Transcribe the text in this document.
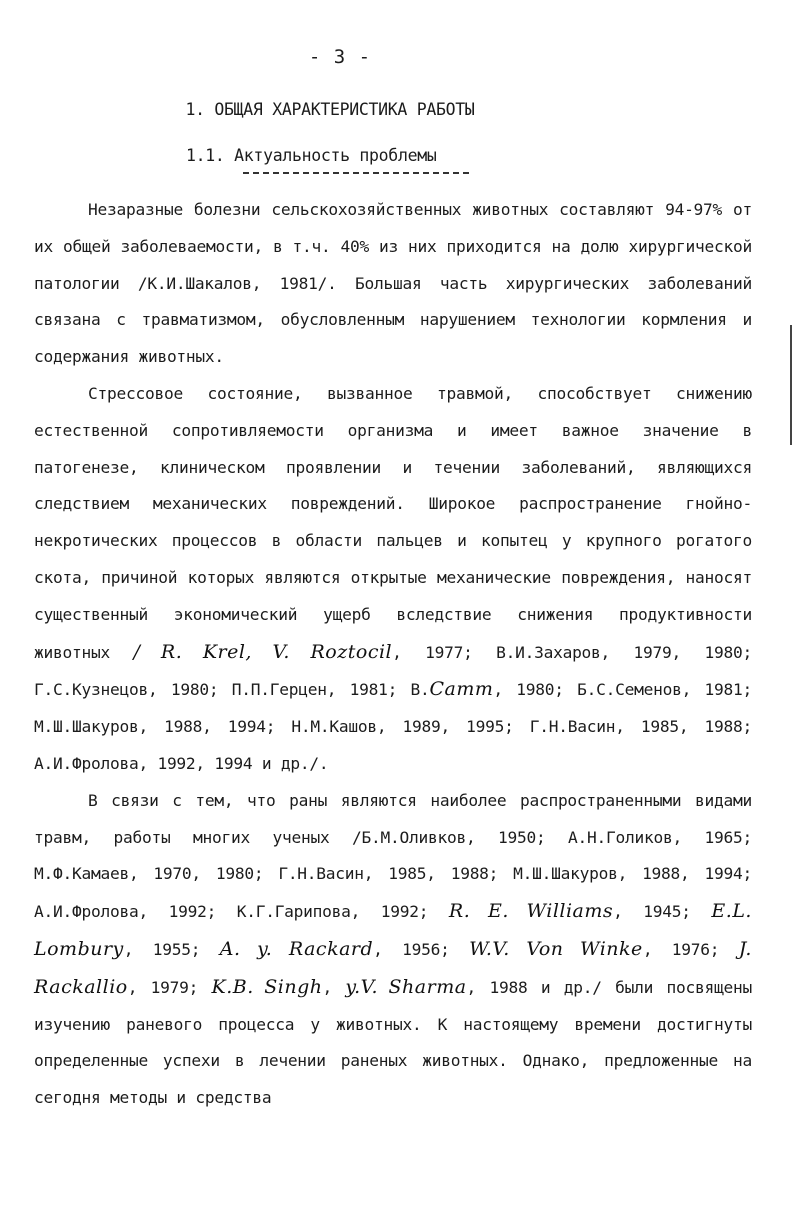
- 3 -
1. ОБЩАЯ ХАРАКТЕРИСТИКА РАБОТЫ
1.1. Актуальность проблемы

Незаразные болезни сельскохозяйственных животных составляют 94-97% от их общей заболеваемости, в т.ч. 40% из них приходится на долю хирургической патологии /К.И.Шакалов, 1981/. Большая часть хирургических заболеваний связана с травматизмом, обусловленным нарушением технологии кормления и содержания животных.

Стрессовое состояние, вызванное травмой, способствует снижению естественной сопротивляемости организма и имеет важное значение в патогенезе, клиническом проявлении и течении заболеваний, являющихся следствием механических повреждений. Широкое распространение гнойно-некротических процессов в области пальцев и копытец у крупного рогатого скота, причиной которых являются открытые механические повреждения, наносят существенный экономический ущерб вследствие снижения продуктивности животных / R. Krel, V. Roztocil, 1977; В.И.Захаров, 1979, 1980; Г.С.Кузнецов, 1980; П.П.Герцен, 1981; В.Camm, 1980; Б.С.Семенов, 1981; М.Ш.Шакуров, 1988, 1994; Н.М.Кашов, 1989, 1995; Г.Н.Васин, 1985, 1988; А.И.Фролова, 1992, 1994 и др./.

В связи с тем, что раны являются наиболее распространенными видами травм, работы многих ученых /Б.М.Оливков, 1950; А.Н.Голиков, 1965; М.Ф.Камаев, 1970, 1980; Г.Н.Васин, 1985, 1988; М.Ш.Шакуров, 1988, 1994; А.И.Фролова, 1992; К.Г.Гарипова, 1992; R. E. Williams, 1945; E.L. Lombury, 1955; A. y. Rackard, 1956; W.V. Von Winke, 1976; J. Rackallio, 1979; K.B. Singh, y.V. Sharma, 1988 и др./ были посвящены изучению раневого процесса у животных. К настоящему времени достигнуты определенные успехи в лечении раненых животных. Однако, предложенные на сегодня методы и средства
